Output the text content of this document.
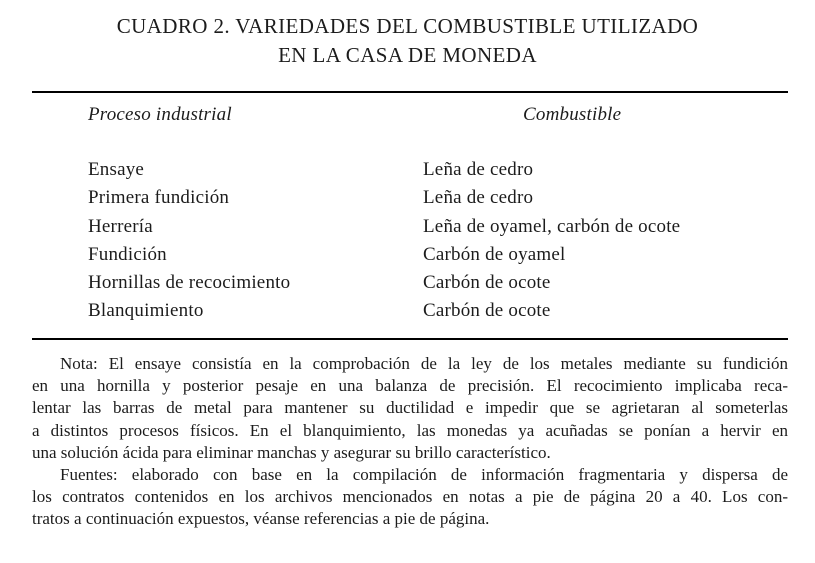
CUADRO 2. VARIEDADES DEL COMBUSTIBLE UTILIZADO
EN LA CASA DE MONEDA
Proceso industrial	Combustible
Ensaye	Leña de cedro
Primera fundición	Leña de cedro
Herrería	Leña de oyamel, carbón de ocote
Fundición	Carbón de oyamel
Hornillas de recocimiento	Carbón de ocote
Blanquimiento	Carbón de ocote
Nota: El ensaye consistía en la comprobación de la ley de los metales mediante su fundición
en una hornilla y posterior pesaje en una balanza de precisión. El recocimiento implicaba reca-
lentar las barras de metal para mantener su ductilidad e impedir que se agrietaran al someterlas
a distintos procesos físicos. En el blanquimiento, las monedas ya acuñadas se ponían a hervir en
una solución ácida para eliminar manchas y asegurar su brillo característico.
Fuentes: elaborado con base en la compilación de información fragmentaria y dispersa de
los contratos contenidos en los archivos mencionados en notas a pie de página 20 a 40. Los con-
tratos a continuación expuestos, véanse referencias a pie de página.
